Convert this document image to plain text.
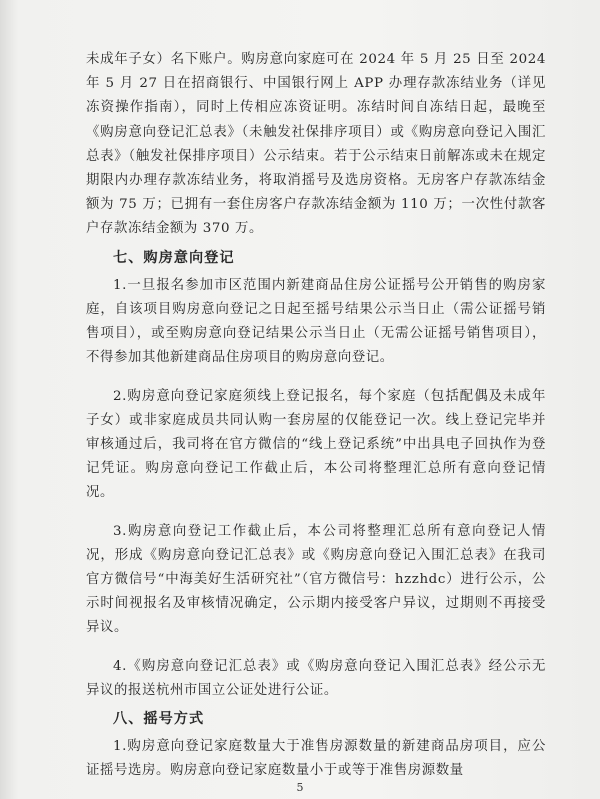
未成年子女）名下账户。购房意向家庭可在 2024 年 5 月 25 日至 2024 年 5 月 27 日在招商银行、中国银行网上 APP 办理存款冻结业务（详见冻资操作指南），同时上传相应冻资证明。冻结时间自冻结日起，最晚至《购房意向登记汇总表》（未触发社保排序项目）或《购房意向登记入围汇总表》（触发社保排序项目）公示结束。若于公示结束日前解冻或未在规定期限内办理存款冻结业务，将取消摇号及选房资格。无房客户存款冻结金额为 75 万；已拥有一套住房客户存款冻结金额为 110 万；一次性付款客户存款冻结金额为 370 万。

七、购房意向登记

1.一旦报名参加市区范围内新建商品住房公证摇号公开销售的购房家庭，自该项目购房意向登记之日起至摇号结果公示当日止（需公证摇号销售项目），或至购房意向登记结果公示当日止（无需公证摇号销售项目），不得参加其他新建商品住房项目的购房意向登记。

2.购房意向登记家庭须线上登记报名，每个家庭（包括配偶及未成年子女）或非家庭成员共同认购一套房屋的仅能登记一次。线上登记完毕并审核通过后，我司将在官方微信的“线上登记系统”中出具电子回执作为登记凭证。购房意向登记工作截止后，本公司将整理汇总所有意向登记情况。

3.购房意向登记工作截止后，本公司将整理汇总所有意向登记人情况，形成《购房意向登记汇总表》或《购房意向登记入围汇总表》在我司官方微信号“中海美好生活研究社”（官方微信号：hzzhdc）进行公示，公示时间视报名及审核情况确定，公示期内接受客户异议，过期则不再接受异议。

4.《购房意向登记汇总表》或《购房意向登记入围汇总表》经公示无异议的报送杭州市国立公证处进行公证。

八、摇号方式

1.购房意向登记家庭数量大于准售房源数量的新建商品房项目，应公证摇号选房。购房意向登记家庭数量小于或等于准售房源数量

5
